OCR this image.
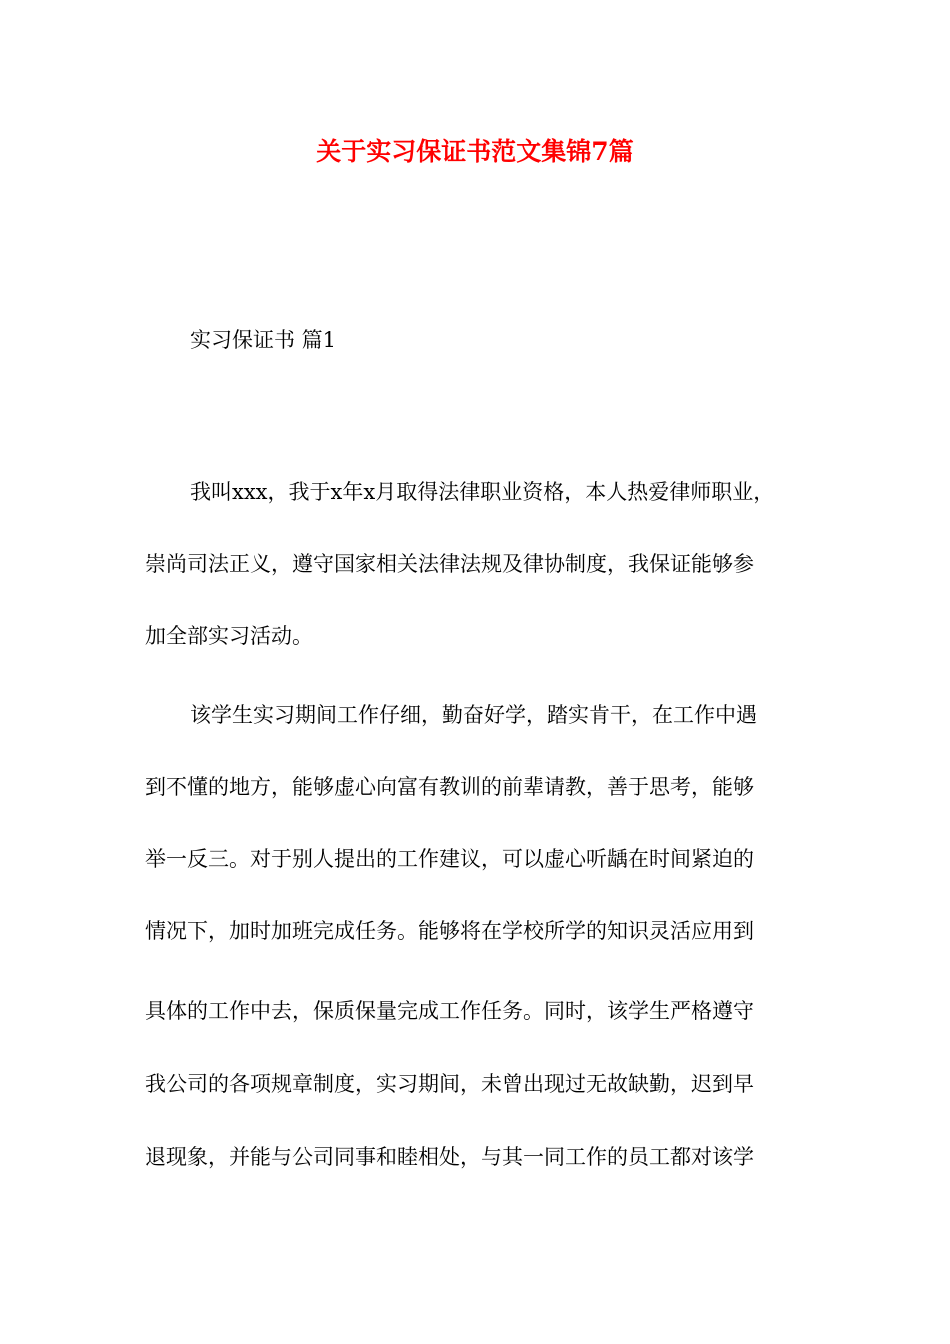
关于实习保证书范文集锦7篇

实习保证书 篇1

我叫xxx，我于x年x月取得法律职业资格，本人热爱律师职业，

崇尚司法正义，遵守国家相关法律法规及律协制度，我保证能够参

加全部实习活动。

该学生实习期间工作仔细，勤奋好学，踏实肯干，在工作中遇

到不懂的地方，能够虚心向富有教训的前辈请教，善于思考，能够

举一反三。对于别人提出的工作建议，可以虚心听龋在时间紧迫的

情况下，加时加班完成任务。能够将在学校所学的知识灵活应用到

具体的工作中去，保质保量完成工作任务。同时，该学生严格遵守

我公司的各项规章制度，实习期间，未曾出现过无故缺勤，迟到早

退现象，并能与公司同事和睦相处，与其一同工作的员工都对该学
